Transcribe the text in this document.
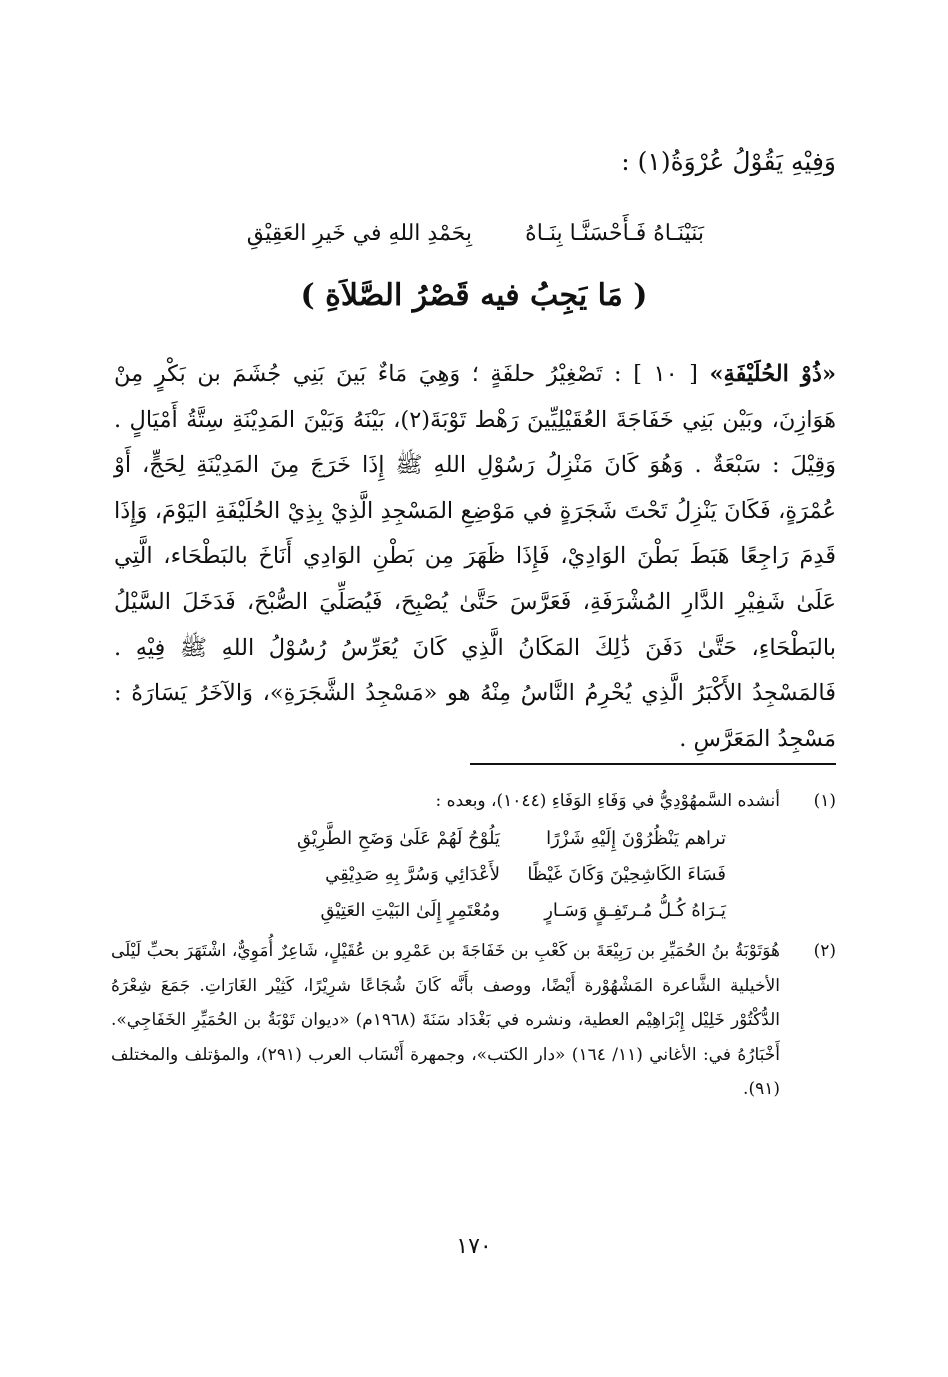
وَفِيْهِ يَقُوْلُ عُرْوَةُ(١) :
بَنَيْنَـاهُ فَـأَحْسَنَّـا بِنَـاهُ
بِحَمْدِ اللهِ في خَيرِ العَقِيْقِ
( مَا يَجِبُ فيه قَصْرُ الصَّلاَةِ )

«ذُوْ الحُلَيْفَةِ» [ ١٠ ] : تَصْغِيْرُ حلفَةٍ ؛ وَهِيَ مَاءٌ بَينَ بَنِي جُشَمَ بن بَكْرٍ مِنْ هَوَازِنَ، وبَيْن بَنِي خَفَاجَةَ العُقَيْلِيِّينَ رَهْط تَوْبَةَ(٢)، بَيْنَهُ وَبَيْنَ المَدِيْنَةِ سِتَّةُ أَمْيَالٍ . وَقِيْلَ : سَبْعَةٌ . وَهُوَ كَانَ مَنْزِلُ رَسُوْلِ اللهِ ﷺ إِذَا خَرَجَ مِنَ المَدِيْنَةِ لِحَجٍّ، أَوْ عُمْرَةٍ، فَكَانَ يَنْزِلُ تَحْتَ شَجَرَةٍ في مَوْضِعِ المَسْجِدِ الَّذِيْ بِذِيْ الحُلَيْفَةِ اليَوْمَ، وَإِذَا قَدِمَ رَاجِعًا هَبَطَ بَطْنَ الوَادِيْ، فَإِذَا ظَهَرَ مِن بَطْنِ الوَادِي أَنَاخَ بالبَطْحَاء، الَّتِي عَلَىٰ شَفِيْرِ الدَّارِ المُشْرَفَةِ، فَعَرَّسَ حَتَّىٰ يُصْبِحَ، فَيُصَلِّيَ الصُّبْحَ، فَدَخَلَ السَّيْلُ بالبَطْحَاءِ، حَتَّىٰ دَفَنَ ذَٰلِكَ المَكَانُ الَّذِي كَانَ يُعَرِّسُ رُسُوْلُ اللهِ ﷺ فِيْهِ . فَالمَسْجِدُ الأَكْبَرُ الَّذِي يُحْرِمُ النَّاسُ مِنْهُ هو «مَسْجِدُ الشَّجَرَةِ»، وَالآخَرُ يَسَارَهُ : مَسْجِدُ المَعَرَّسِ .

(١)
أنشده السَّمهُوْدِيُّ في وَفَاءِ الوَفَاءِ (١٠٤٤)، وبعده :
تراهم يَنْظُرُوْنَ إِلَيْهِ شَزْرًا
يَلُوْحُ لَهُمْ عَلَىٰ وَضَحِ الطَّرِيْقِ
فَسَاءَ الكَاشِحِيْنَ وَكَانَ غَيْظًا
لأَعْدَائِي وَسُرَّ بِهِ صَدِيْقِي
يَـرَاهُ كُـلُّ مُـرتَفِـقٍ وَسَـارٍ
ومُعْتَمِرٍ إِلَىٰ البَيْتِ العَتِيْقِ
(٢)
هُوَتَوْبَةُ بنُ الحُمَيِّرِ بن رَبِيْعَةَ بن كَعْبِ بن خَفَاجَةَ بن عَمْرِو بن عُقَيْلٍ، شَاعِرٌ أُمَوِيٌّ، اشْتَهَرَ بحبِّ لَيْلَى الأخيلية الشَّاعرة المَشْهُوْرة أَيْضًا، ووصف بأَنَّه كَانَ شُجَاعًا شرِيْرًا، كَثِيْر الغَارَاتِ. جَمَعَ شِعْرَهُ الدُّكْتُوْر خَلِيْل إِبْرَاهِيْم العطية، ونشره في بَغْدَاد سَنَةَ (١٩٦٨م) «ديوان تَوْبَةُ بن الحُمَيِّرِ الخَفَاجِي». أَخْبَارُهُ في: الأغاني (١١/ ١٦٤) «دار الكتب»، وجمهرة أَنْسَاب العرب (٢٩١)، والمؤتلف والمختلف (٩١).
١٧٠
